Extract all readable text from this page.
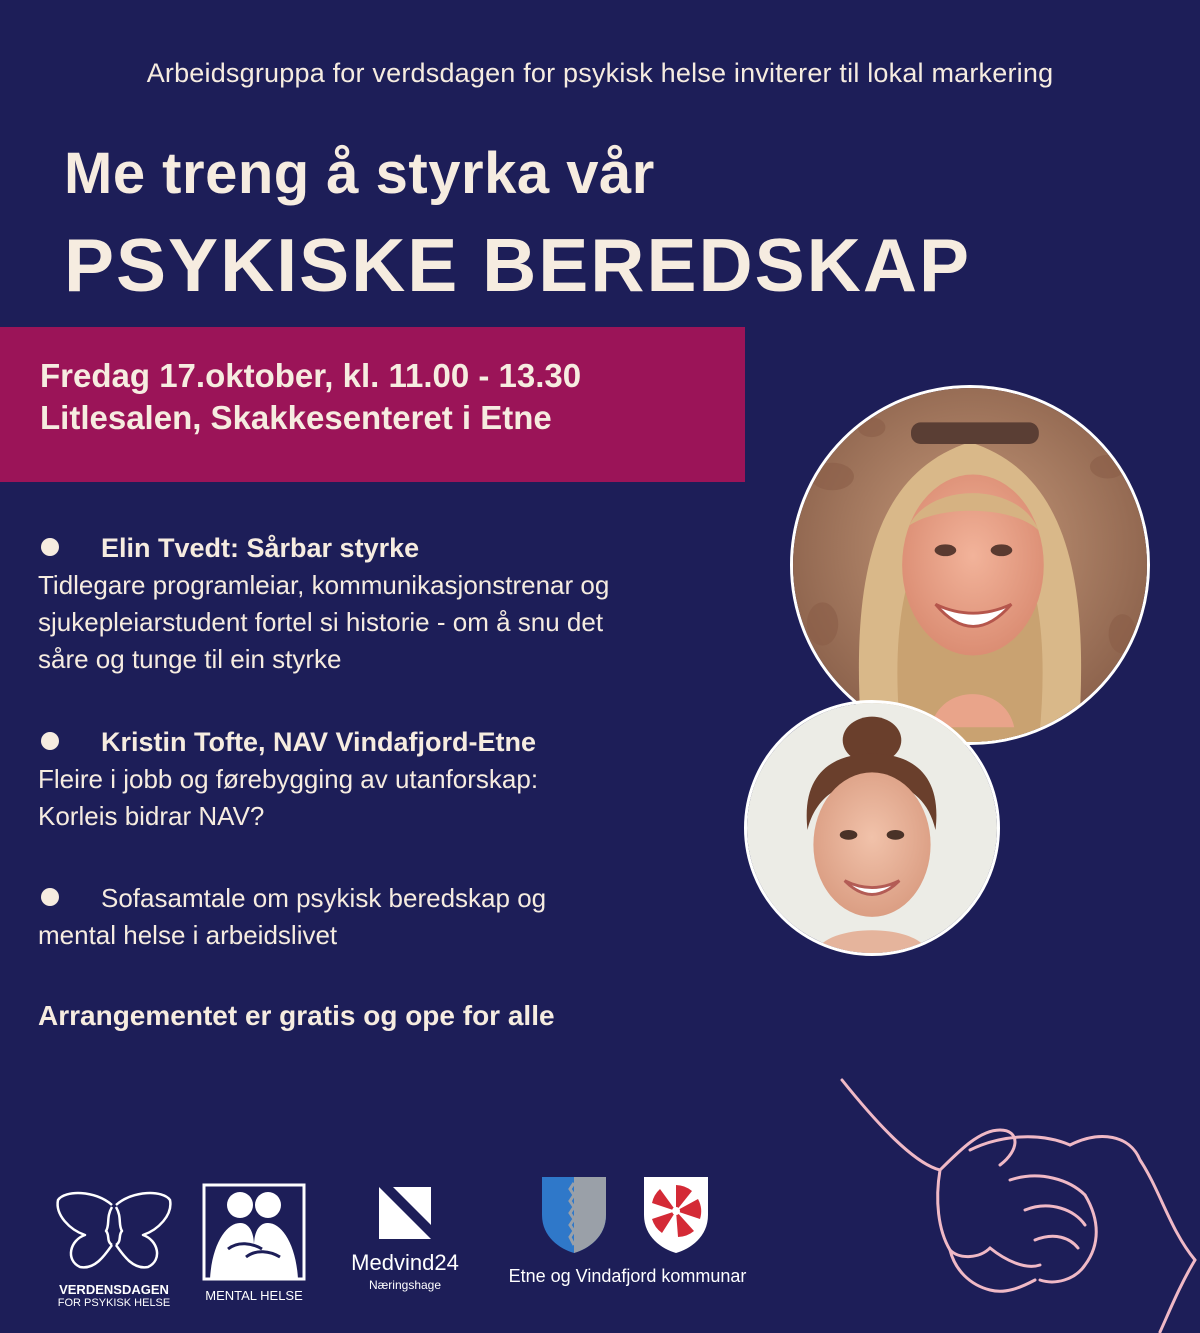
Arbeidsgruppa for verdsdagen for psykisk helse inviterer til lokal markering
Me treng å styrka vår
PSYKISKE BEREDSKAP
Fredag 17.oktober, kl. 11.00 - 13.30
Litlesalen, Skakkesenteret i Etne
Elin Tvedt: Sårbar styrke
Tidlegare programleiar, kommunikasjonstrenar og
sjukepleiarstudent fortel si historie - om å snu det
såre og tunge til ein styrke
Kristin Tofte, NAV Vindafjord-Etne
Fleire i jobb og førebygging av utanforskap:
Korleis bidrar NAV?
Sofasamtale om psykisk beredskap og
mental helse i arbeidslivet
Arrangementet er gratis og ope for alle
VERDENSDAGEN
FOR PSYKISK HELSE	MENTAL HELSE
Medvind24
Næringshage	Etne og Vindafjord kommunar
